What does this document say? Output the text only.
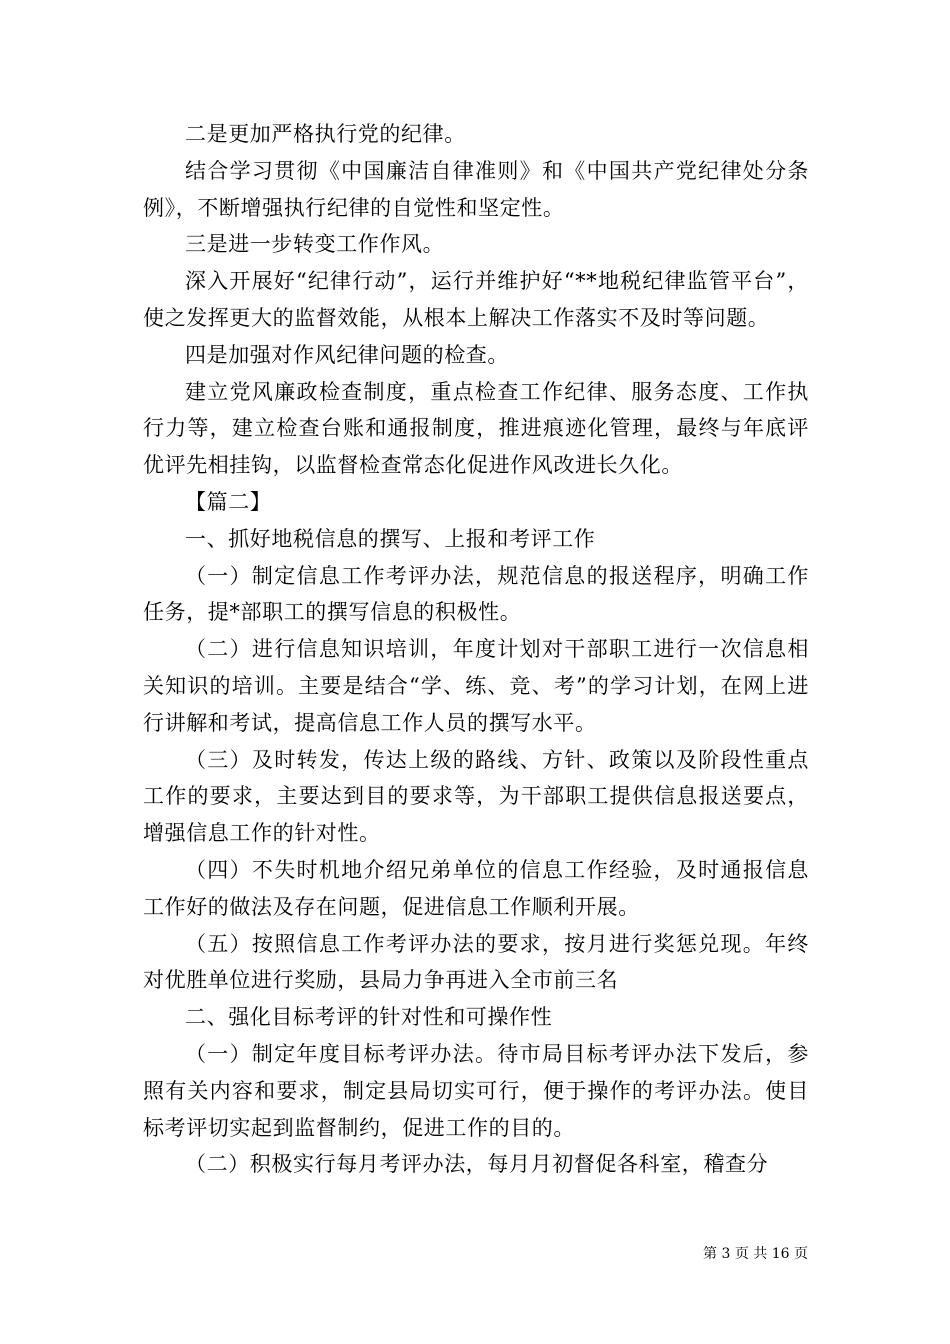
二是更加严格执行党的纪律。

结合学习贯彻《中国廉洁自律准则》和《中国共产党纪律处分条例》，不断增强执行纪律的自觉性和坚定性。

三是进一步转变工作作风。

深入开展好“纪律行动”，运行并维护好“**地税纪律监管平台”，使之发挥更大的监督效能，从根本上解决工作落实不及时等问题。

四是加强对作风纪律问题的检查。

建立党风廉政检查制度，重点检查工作纪律、服务态度、工作执行力等，建立检查台账和通报制度，推进痕迹化管理，最终与年底评优评先相挂钩，以监督检查常态化促进作风改进长久化。

【篇二】

一、抓好地税信息的撰写、上报和考评工作

（一）制定信息工作考评办法，规范信息的报送程序，明确工作任务，提*部职工的撰写信息的积极性。

（二）进行信息知识培训，年度计划对干部职工进行一次信息相关知识的培训。主要是结合“学、练、竞、考”的学习计划，在网上进行讲解和考试，提高信息工作人员的撰写水平。

（三）及时转发，传达上级的路线、方针、政策以及阶段性重点工作的要求，主要达到目的要求等，为干部职工提供信息报送要点，增强信息工作的针对性。

（四）不失时机地介绍兄弟单位的信息工作经验，及时通报信息工作好的做法及存在问题，促进信息工作顺利开展。

（五）按照信息工作考评办法的要求，按月进行奖惩兑现。年终对优胜单位进行奖励，县局力争再进入全市前三名

二、强化目标考评的针对性和可操作性

（一）制定年度目标考评办法。待市局目标考评办法下发后，参照有关内容和要求，制定县局切实可行，便于操作的考评办法。使目标考评切实起到监督制约，促进工作的目的。

（二）积极实行每月考评办法，每月月初督促各科室，稽查分

第 3 页 共 16 页
